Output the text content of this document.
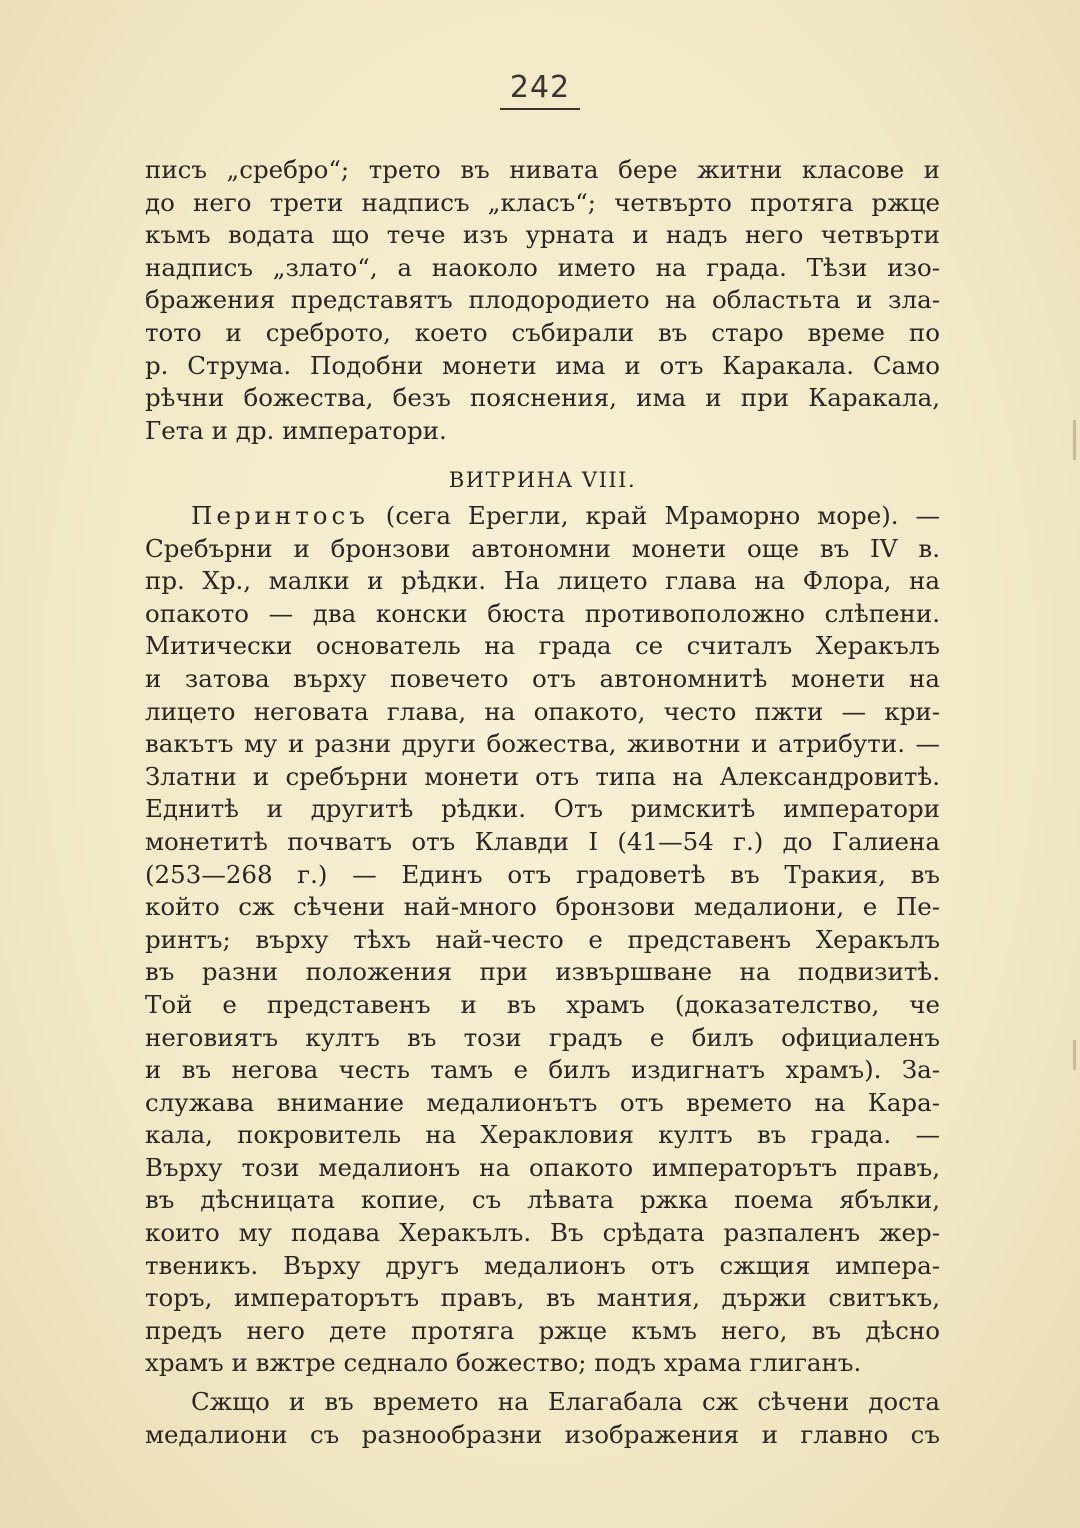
242
писъ „сребро“; трето въ нивата бере житни класове и
до него трети надписъ „класъ“; четвърто протяга ржце
къмъ водата що тече изъ урната и надъ него четвърти
надписъ „злато“, а наоколо името на града. Тѣзи изо-
бражения представятъ плодородието на областьта и зла-
тото и среброто, което събирали въ старо време по
р. Струма. Подобни монети има и отъ Каракала. Само
рѣчни божества, безъ пояснения, има и при Каракала,
Гета и др. императори.
ВИТРИНА VIII.
Перинтосъ (сега Ерегли, край Мраморно море). —
Сребърни и бронзови автономни монети още въ IV в.
пр. Хр., малки и рѣдки. На лицето глава на Флора, на
опакото — два конски бюста противоположно слѣпени.
Митически основатель на града се считалъ Херакълъ
и затова върху повечето отъ автономнитѣ монети на
лицето неговата глава, на опакото, често пжти — кри-
вакътъ му и разни други божества, животни и атрибути. —
Златни и сребърни монети отъ типа на Александровитѣ.
Еднитѣ и другитѣ рѣдки. Отъ римскитѣ императори
монетитѣ почватъ отъ Клавди I (41—54 г.) до Галиена
(253—268 г.) — Единъ отъ градоветѣ въ Тракия, въ
който сж сѣчени най-много бронзови медалиони, е Пе-
ринтъ; върху тѣхъ най-често е представенъ Херакълъ
въ разни положения при извършване на подвизитѣ.
Той е представенъ и въ храмъ (доказателство, че
неговиятъ култъ въ този градъ е билъ официаленъ
и въ негова честь тамъ е билъ издигнатъ храмъ). За-
служава внимание медалионътъ отъ времето на Кара-
кала, покровитель на Херакловия култъ въ града. —
Върху този медалионъ на опакото императорътъ правъ,
въ дѣсницата копие, съ лѣвата ржка поема ябълки,
които му подава Херакълъ. Въ срѣдата разпаленъ жер-
твеникъ. Върху другъ медалионъ отъ сжщия импера-
торъ, императорътъ правъ, въ мантия, държи свитъкъ,
предъ него дете протяга ржце къмъ него, въ дѣсно
храмъ и вжтре седнало божество; подъ храма глиганъ.
Сжщо и въ времето на Елагабала сж сѣчени доста
медалиони съ разнообразни изображения и главно съ
